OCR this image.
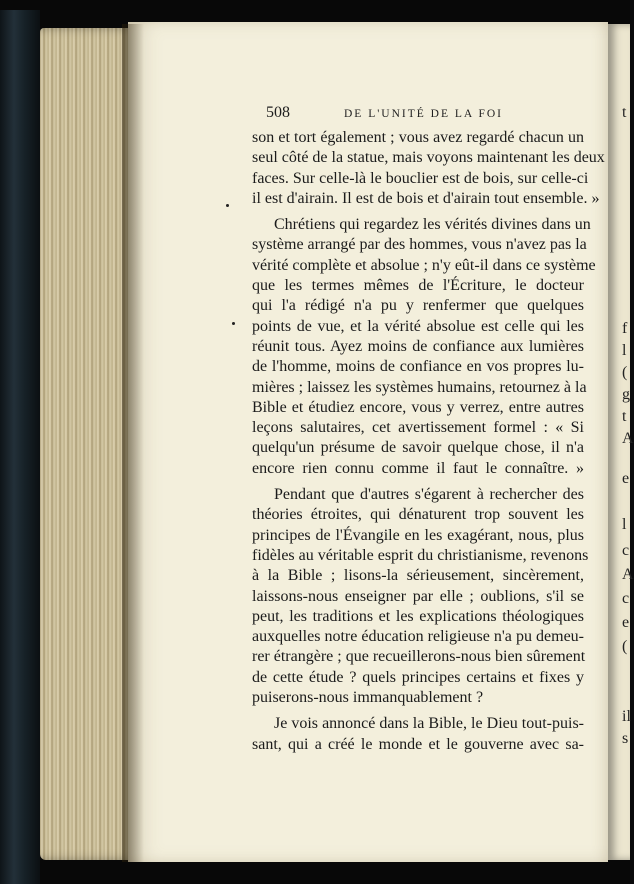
t
f
l
(
g
t
A
e
l
c
A
c
e
(
il
s
508	DE L'UNITÉ DE LA FOI

son et tort également ; vous avez regardé chacun un
seul côté de la statue, mais voyons maintenant les deux
faces. Sur celle-là le bouclier est de bois, sur celle-ci
il est d'airain. Il est de bois et d'airain tout ensemble. »

Chrétiens qui regardez les vérités divines dans un
système arrangé par des hommes, vous n'avez pas la
vérité complète et absolue ; n'y eût-il dans ce système
que les termes mêmes de l'Écriture, le docteur
qui l'a rédigé n'a pu y renfermer que quelques
points de vue, et la vérité absolue est celle qui les
réunit tous. Ayez moins de confiance aux lumières
de l'homme, moins de confiance en vos propres lu-
mières ; laissez les systèmes humains, retournez à la
Bible et étudiez encore, vous y verrez, entre autres
leçons salutaires, cet avertissement formel : « Si
quelqu'un présume de savoir quelque chose, il n'a
encore rien connu comme il faut le connaître. »

Pendant que d'autres s'égarent à rechercher des
théories étroites, qui dénaturent trop souvent les
principes de l'Évangile en les exagérant, nous, plus
fidèles au véritable esprit du christianisme, revenons
à la Bible ; lisons-la sérieusement, sincèrement,
laissons-nous enseigner par elle ; oublions, s'il se
peut, les traditions et les explications théologiques
auxquelles notre éducation religieuse n'a pu demeu-
rer étrangère ; que recueillerons-nous bien sûrement
de cette étude ? quels principes certains et fixes y
puiserons-nous immanquablement ?

Je vois annoncé dans la Bible, le Dieu tout-puis-
sant, qui a créé le monde et le gouverne avec sa-
